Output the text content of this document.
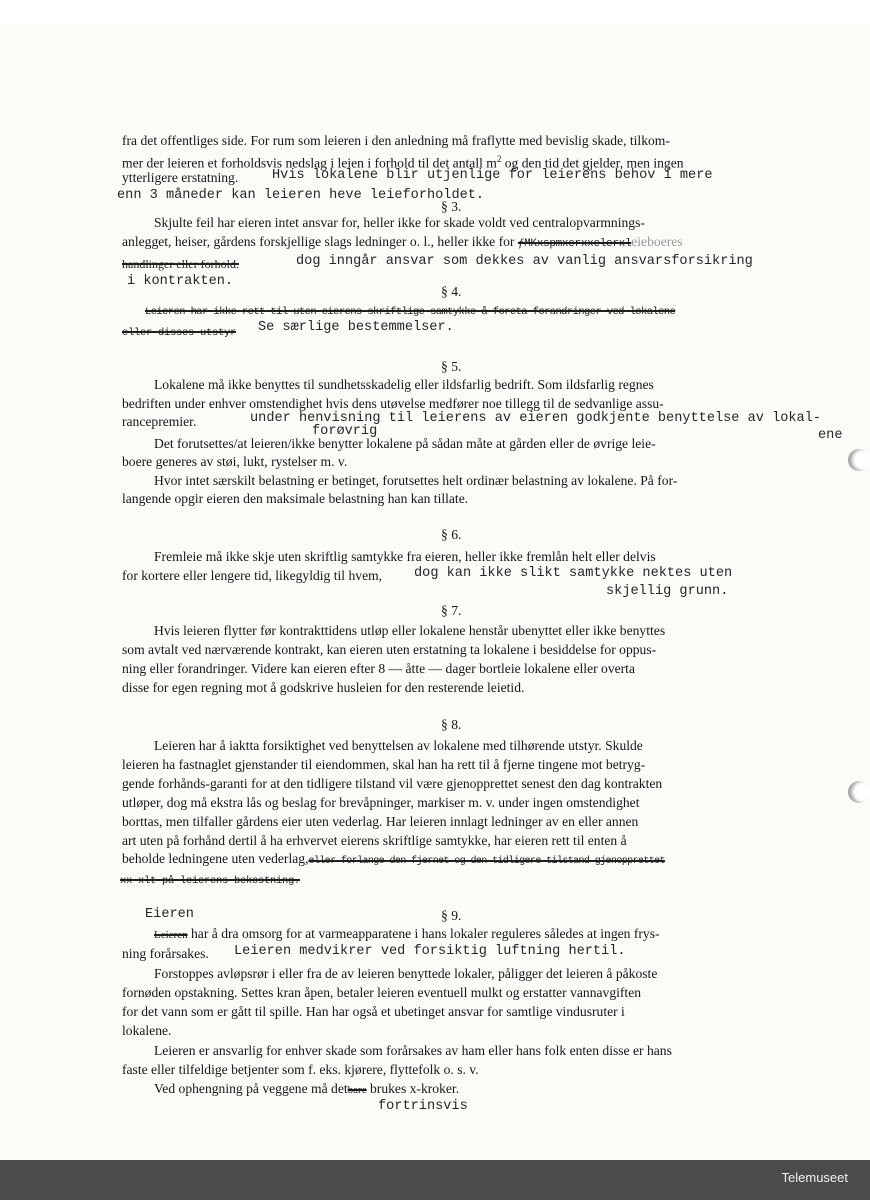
fra det offentliges side. For rum som leieren i den anledning må fraflytte med bevislig skade, tilkom-
mer der leieren et forholdsvis nedslag i leien i forhold til det antall $m^2$ og den tid det gjelder, men ingen
ytterligere erstatning. Hvis lokalene blir utjenlige for leierens behov i mere
enn 3 måneder kan leieren heve leieforholdet.
§ 3.
Skjulte feil har eieren intet ansvar for, heller ikke for skade voldt ved centralopvarmnings-
anlegget, heiser, gårdens forskjellige slags ledninger o. l., heller ikke for ƒMKxspmxerxxelerxleieboeres
handlinger eller forhold.	dog inngår ansvar som dekkes av vanlig ansvarsforsikring
i kontrakten.
§ 4.
Leieren har ikke rett til uten eierens skriftlige samtykke å foreta forandringer ved lokalene
eller disses utstyr Se særlige bestemmelser.
§ 5.
Lokalene må ikke benyttes til sundhetsskadelig eller ildsfarlig bedrift. Som ildsfarlig regnes
bedriften under enhver omstendighet hvis dens utøvelse medfører noe tillegg til de sedvanlige assu-
rancepremier.	under henvisning til leierens av eieren godkjente benyttelse av lokal-
ene
forøvrig
Det forutsettes/at leieren/ikke benytter lokalene på sådan måte at gården eller de øvrige leie-
boere generes av støi, lukt, rystelser m. v.
Hvor intet særskilt belastning er betinget, forutsettes helt ordinær belastning av lokalene. På for-
langende opgir eieren den maksimale belastning han kan tillate.
§ 6.
Fremleie må ikke skje uten skriftlig samtykke fra eieren, heller ikke fremlån helt eller delvis
for kortere eller lengere tid, likegyldig til hvem, dog kan ikke slikt samtykke nektes uten
skjellig grunn.
§ 7.
Hvis leieren flytter før kontrakttidens utløp eller lokalene henstår ubenyttet eller ikke benyttes
som avtalt ved nærværende kontrakt, kan eieren uten erstatning ta lokalene i besiddelse for oppus-
ning eller forandringer. Videre kan eieren efter 8 — åtte — dager bortleie lokalene eller overta
disse for egen regning mot å godskrive husleien for den resterende leietid.
§ 8.
Leieren har å iaktta forsiktighet ved benyttelsen av lokalene med tilhørende utstyr. Skulde
leieren ha fastnaglet gjenstander til eiendommen, skal han ha rett til å fjerne tingene mot betryg-
gende forhånds-garanti for at den tidligere tilstand vil være gjenopprettet senest den dag kontrakten
utløper, dog må ekstra lås og beslag for brevåpninger, markiser m. v. under ingen omstendighet
borttas, men tilfaller gårdens eier uten vederlag. Har leieren innlagt ledninger av en eller annen
art uten på forhånd dertil å ha erhvervet eierens skriftlige samtykke, har eieren rett til enten å
beholde ledningene uten vederlag,eller forlange den fjernet og den tidligere tilstand gjenopprettet
xx xlt på leierens bekostning.
Eieren	§ 9.
Leieren har å dra omsorg for at varmeapparatene i hans lokaler reguleres således at ingen frys-
ning forårsakes. Leieren medvikrer ved forsiktig luftning hertil.
Forstoppes avløpsrør i eller fra de av leieren benyttede lokaler, påligger det leieren å påkoste
fornøden opstakning. Settes kran åpen, betaler leieren eventuell mulkt og erstatter vannavgiften
for det vann som er gått til spille. Han har også et ubetinget ansvar for samtlige vindusruter i
lokalene.
Leieren er ansvarlig for enhver skade som forårsakes av ham eller hans folk enten disse er hans
faste eller tilfeldige betjenter som f. eks. kjørere, flyttefolk o. s. v.
Ved ophengning på veggene må detbare brukes x-kroker.
fortrinsvis
Telemuseet
